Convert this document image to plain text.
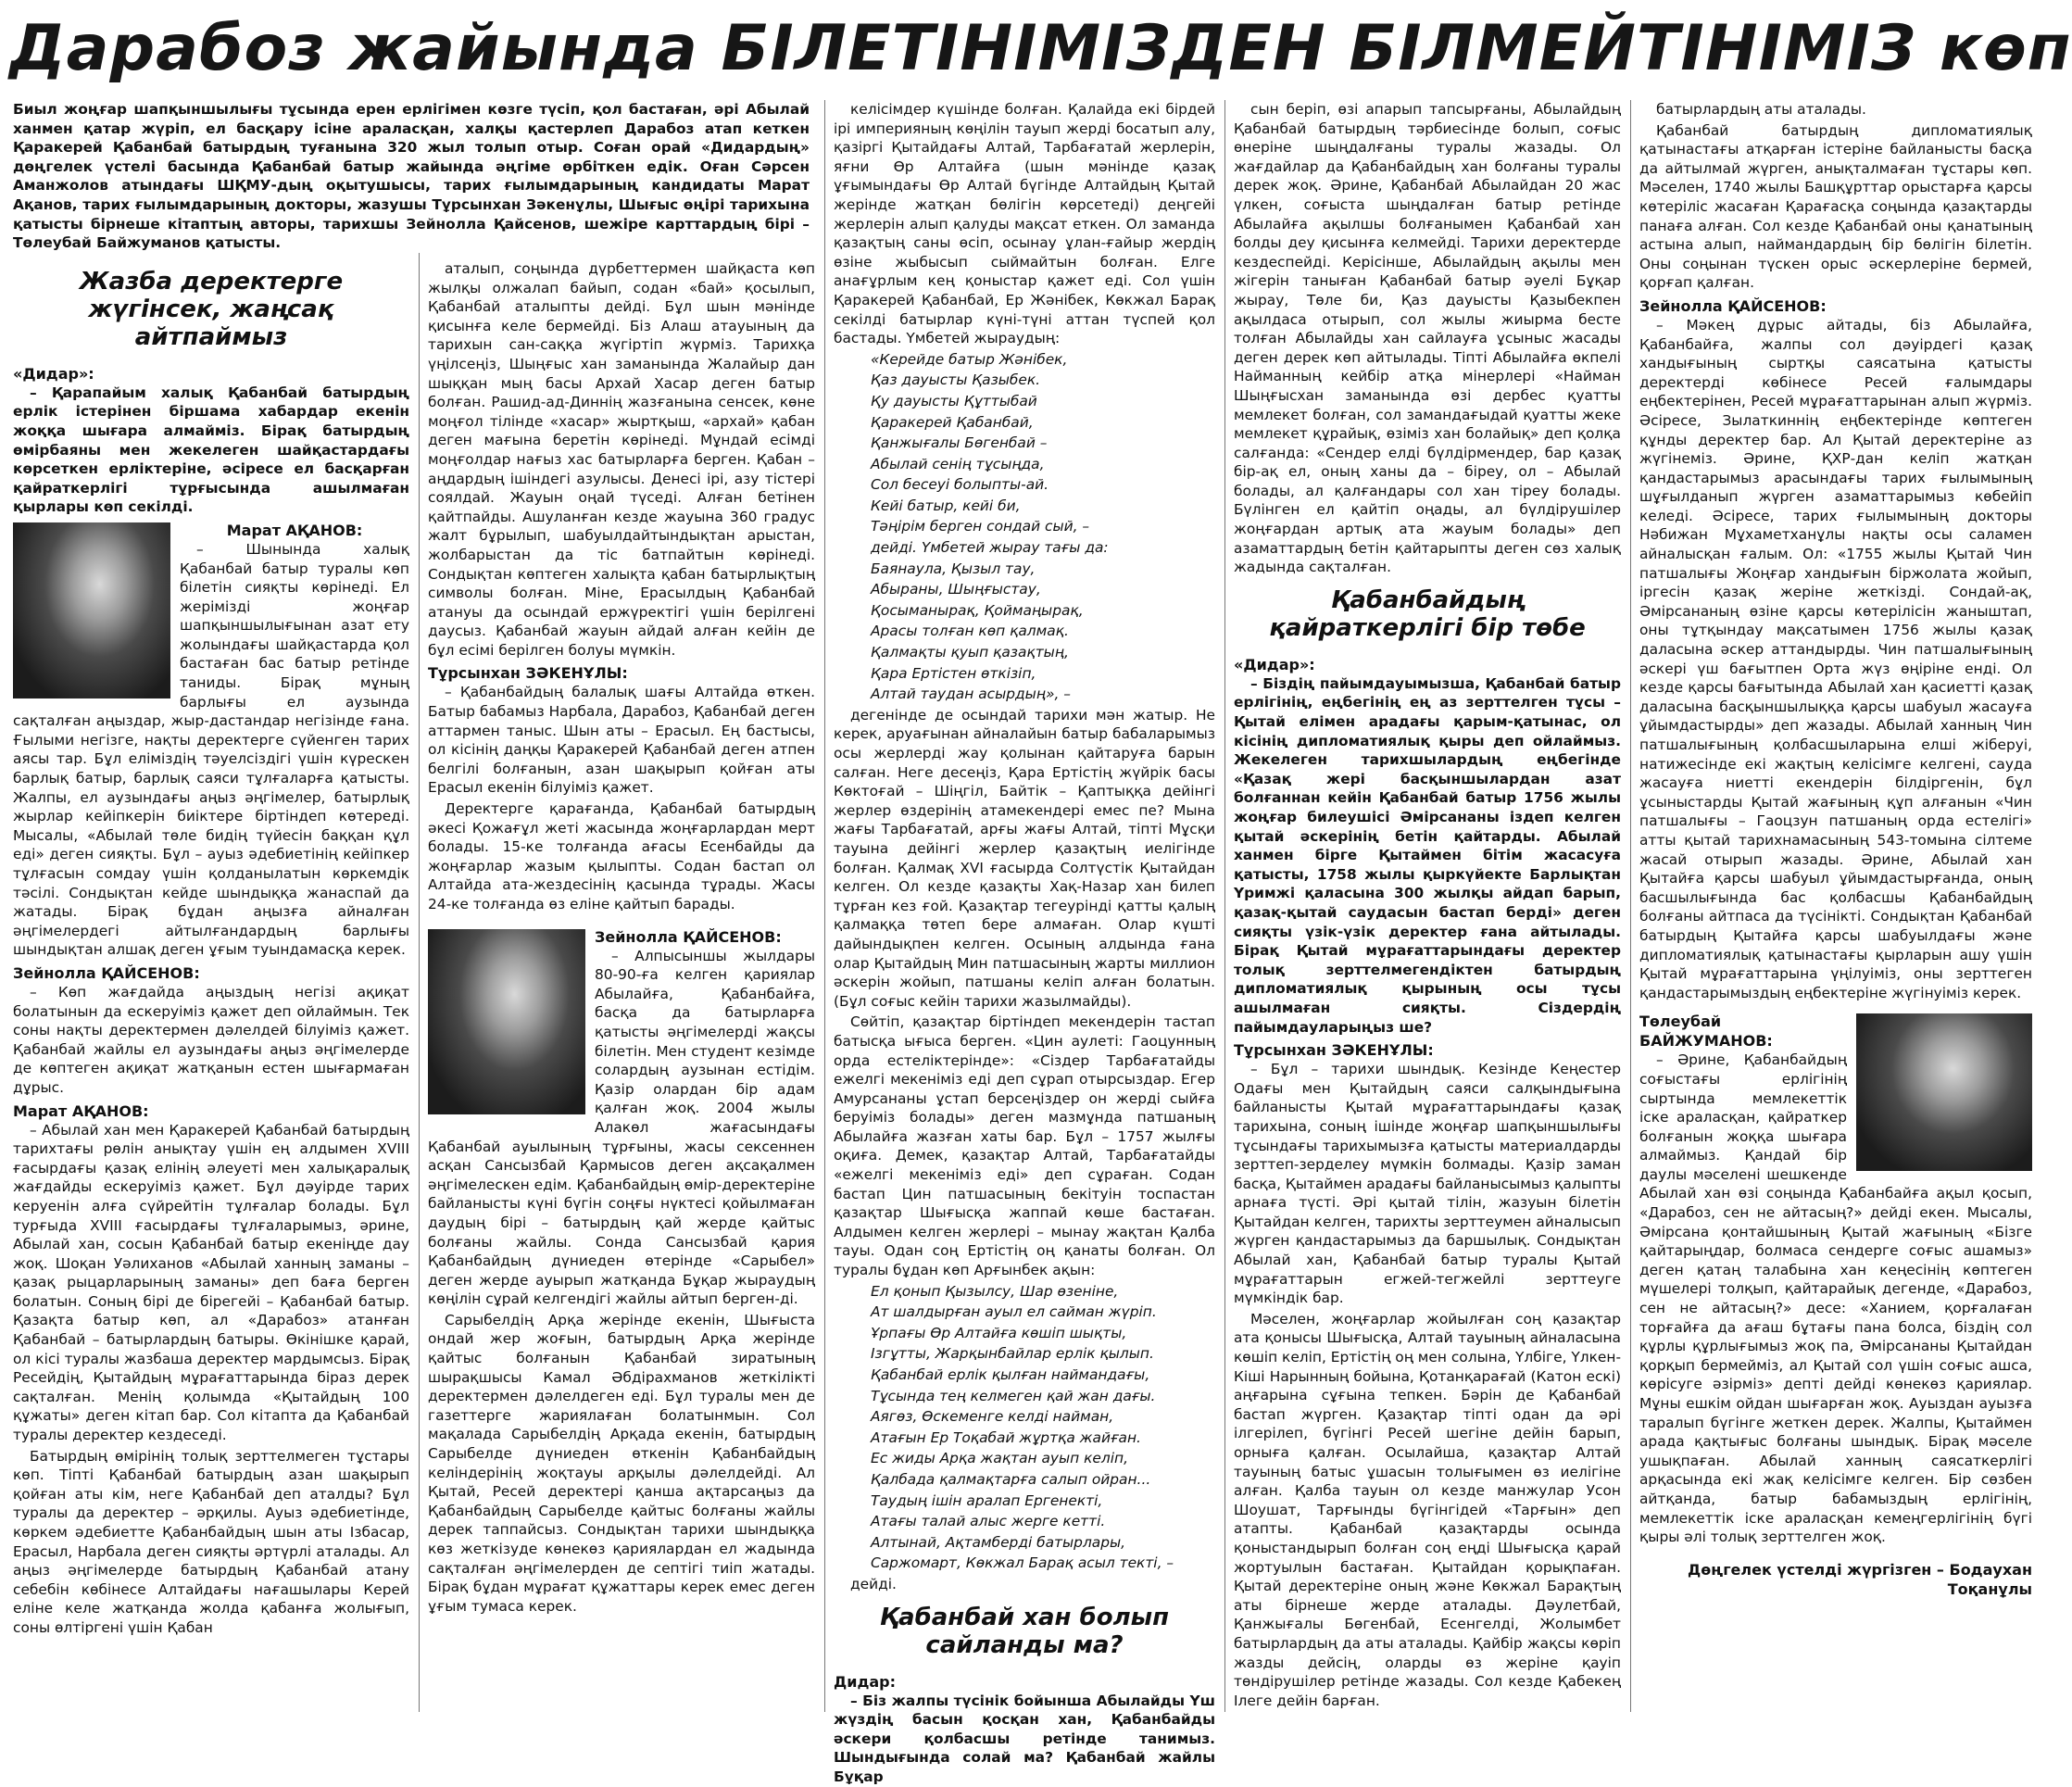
Дарабоз жайында БІЛЕТІНІМІЗДЕН БІЛМЕЙТІНІМІЗ көп
Биыл жоңғар шапқыншылығы тұсында ерен ерлігімен көзге түсіп, қол бастаған, әрі Абылай ханмен қатар жүріп, ел басқару ісіне араласқан, халқы қастерлеп Дарабоз атап кеткен Қаракерей Қабанбай батырдың туғанына 320 жыл толып отыр. Соған орай «Дидардың» дөңгелек үстелі басында Қабанбай батыр жайында әңгіме өрбіткен едік. Оған Сәрсен Аманжолов атындағы ШҚМУ-дың оқытушысы, тарих ғылымдарының кандидаты Марат Ақанов, тарих ғылымдарының докторы, жазушы Тұрсынхан Зәкенұлы, Шығыс өңірі тарихына қатысты бірнеше кітаптың авторы, тарихшы Зейнолла Қайсенов, шежіре карттардың бірі – Төлеубай Байжуманов қатысты.
Жазба деректерге жүгінсек, жаңсақ айтпаймыз
«Дидар»:

– Қарапайым халық Қабанбай батырдың ерлік істерінен біршама хабардар екенін жоққа шығара алмайміз. Бірақ батырдың өмірбаяны мен жекелеген шайқастардағы көрсеткен ерліктеріне, әсіресе ел басқарған қайраткерлігі тұрғысында ашылмаған қырлары көп секілді.

Марат АҚАНОВ:

– Шынында халық Қабанбай батыр туралы көп білетін сияқты көрінеді. Ел жерімізді жоңғар шапқыншылығынан азат ету жолындағы шайқастарда қол бастаған бас батыр ретінде таниды. Бірақ мұның барлығы ел аузында сақталған аңыздар, жыр-дастандар негізінде ғана. Ғылыми негізге, нақты деректерге сүйенген тарих аясы тар. Бұл еліміздің тәуелсіздігі үшін күрескен барлық батыр, барлық саяси тұлғаларға қатысты. Жалпы, ел аузындағы аңыз әңгімелер, батырлық жырлар кейіпкерін биіктере біртіндеп көтереді. Мысалы, «Абылай төле бидің түйесін баққан құл еді» деген сияқты. Бұл – ауыз әдебиетінің кейіпкер тұлғасын сомдау үшін қолданылатын көркемдік тәсілі. Сондықтан кейде шындыққа жанаспай да жатады. Бірақ бұдан аңызға айналған әңгімелердегі айтылғандардың барлығы шындықтан алшақ деген ұғым туындамасқа керек.

Зейнолла ҚАЙСЕНОВ:

– Көп жағдайда аңыздың негізі ақиқат болатынын да ескеруіміз қажет деп ойлаймын. Тек соны нақты деректермен дәлелдей білуіміз қажет. Қабанбай жайлы ел аузындағы аңыз әңгімелерде де көптеген ақиқат жатқанын естен шығармаған дұрыс.

Марат АҚАНОВ:

– Абылай хан мен Қаракерей Қабанбай батырдың тарихтағы рөлін анықтау үшін ең алдымен XVIII ғасырдағы қазақ елінің әлеуеті мен халықаралық жағдайды ескеруіміз қажет. Бұл дәуірде тарих керуенін алға сүйрейтін тұлғалар болады. Бұл турғыда XVIII ғасырдағы тұлғаларымыз, әрине, Абылай хан, сосын Қабанбай батыр екеніңде дау жоқ. Шоқан Уәлиханов «Абылай ханның заманы – қазақ рыцарларының заманы» деп баға берген болатын. Соның бірі де бірегейі – Қабанбай батыр. Қазақта батыр көп, ал «Дарабоз» атанған Қабанбай – батырлардың батыры. Өкінішке қарай, ол кісі туралы жазбаша деректер мардымсыз. Бірақ Ресейдің, Қытайдың мұрағаттарында біраз дерек сақталған. Менің қолымда «Қытайдың 100 құжаты» деген кітап бар. Сол кітапта да Қабанбай туралы деректер кездеседі.

Батырдың өмірінің толық зерттелмеген тұстары көп. Тіпті Қабанбай батырдың азан шақырып қойған аты кім, неге Қабанбай деп аталды? Бұл туралы да деректер – әрқилы. Ауыз әдебиетінде, көркем әдебиетте Қабанбайдың шын аты Ізбасар, Ерасыл, Нарбала деген сияқты әртүрлі аталады. Ал аңыз әңгімелерде батырдың Қабанбай атану себебін көбінесе Алтайдағы нағашылары Керей еліне келе жатқанда жолда қабанға жолығып, соны өлтіргені үшін Қабан

аталып, соңында дүрбеттермен шайқаста көп жылқы олжалап байып, содан «бай» қосылып, Қабанбай аталыпты дейді. Бұл шын мәнінде қисынға келе бермейді. Біз Алаш атауының да тарихын сан-саққа жүгіртіп жүрміз. Тарихқа үңілсеңіз, Шыңғыс хан заманында Жалайыр дан шыққан мың басы Архай Хасар деген батыр болған. Рашид-ад-Диннің жазғанына сенсек, көне моңғол тілінде «хасар» жыртқыш, «архай» қабан деген мағына беретін көрінеді. Мұндай есімді моңғолдар нағыз хас батырларға берген. Қабан – аңдардың ішіндегі азулысы. Денесі ірі, азу тістері соялдай. Жауын оңай түседі. Алған бетінен қайтпайды. Ашуланған кезде жауына 360 градус жалт бұрылып, шабуылдайтындықтан арыстан, жолбарыстан да тіс батпайтын көрінеді. Сондықтан көптеген халықта қабан батырлықтың символы болған. Міне, Ерасылдың Қабанбай атануы да осындай ержүректігі үшін берілгені даусыз. Қабанбай жауын айдай алған кейін де бұл есімі берілген болуы мүмкін.

Тұрсынхан ЗӘКЕНҰЛЫ:

– Қабанбайдың балалық шағы Алтайда өткен. Батыр бабамыз Нарбала, Дарабоз, Қабанбай деген аттармен таныс. Шын аты – Ерасыл. Ең бастысы, ол кісінің даңқы Қаракерей Қабанбай деген атпен белгілі болғанын, азан шақырып қойған аты Ерасыл екенін білуіміз қажет.

Деректерге қарағанда, Қабанбай батырдың әкесі Қожағұл жеті жасында жоңғарлардан мерт болады. 15-ке толғанда ағасы Есенбайды да жоңғарлар жазым қылыпты. Содан бастап ол Алтайда ата-жездесінің қасында тұрады. Жасы 24-ке толғанда өз еліне қайтып барады.

Зейнолла ҚАЙСЕНОВ:

– Алпысыншы жылдары 80-90-ға келген қариялар Абылайға, Қабанбайға, басқа да батырларға қатысты әңгімелерді жақсы білетін. Мен студент кезімде солардың аузынан естідім. Қазір олардан бір адам қалған жоқ. 2004 жылы Алакөл жағасындағы Қабанбай ауылының тұрғыны, жасы сексеннен асқан Сансызбай Қармысов деген ақсақалмен әңгімелескен едім. Қабанбайдың өмір-деректеріне байланысты күні бүгін соңғы нүктесі қойылмаған даудың бірі – батырдың қай жерде қайтыс болғаны жайлы. Сонда Сансызбай қария Қабанбайдың дүниеден өтерінде «Сарыбел» деген жерде ауырып жатқанда Бұқар жыраудың көңілін сұрай келгендігі жайлы айтып берген-ді.

Сарыбелдің Арқа жерінде екенін, Шығыста ондай жер жоғын, батырдың Арқа жерінде қайтыс болғанын Қабанбай зиратының шырақшысы Камал Әбдірахманов жеткілікті деректермен дәлелдеген еді. Бұл туралы мен де газеттерге жариялаған болатынмын. Сол мақалада Сарыбелдің Арқада екенін, батырдың Сарыбелде дүниеден өткенін Қабанбайдың келіндерінің жоқтауы арқылы дәлелдейді. Ал Қытай, Ресей деректері қанша ақтарсаңыз да Қабанбайдың Сарыбелде қайтыс болғаны жайлы дерек таппайсыз. Сондықтан тарихи шындыққа көз жеткізуде көнекөз қариялардан ел жадында сақталған әңгімелерден де септігі тиіп жатады. Бірақ бұдан мұрағат құжаттары керек емес деген ұғым тумаса керек.

келісімдер күшінде болған. Қалайда екі бірдей ірі империяның көңілін тауып жерді босатып алу, қазіргі Қытайдағы Алтай, Тарбағатай жерлерін, яғни Өр Алтайға (шын мәнінде қазақ ұғымындағы Өр Алтай бүгінде Алтайдың Қытай жерінде жатқан бөлігін көрсетеді) деңгейі жерлерін алып қалуды мақсат еткен. Ол заманда қазақтың саны өсіп, осынау ұлан-ғайыр жердің өзіне жыбысып сыймайтын болған. Елге анағұрлым кең қоныстар қажет еді. Сол үшін Қаракерей Қабанбай, Ер Жәнібек, Көкжал Барақ секілді батырлар күні-түні аттан түспей қол бастады. Үмбетей жыраудың:

«Керейде батыр Жәнібек,

Қаз дауысты Қазыбек.

Қу дауысты Құттыбай

Қаракерей Қабанбай,

Қанжығалы Бөгенбай –

Абылай сенің тұсыңда,

Сол бесеуі болыпты-ай.

Кейі батыр, кейі би,

Тәңірім берген сондай сый, –

дейді. Үмбетей жырау тағы да:

Баянаула, Қызыл тау,

Абыраны, Шыңғыстау,

Қосыманырақ, Қоймаңырақ,

Арасы толған көп қалмақ.

Қалмақты қуып қазақтың,

Қара Ертістен өткізіп,

Алтай таудан асырдың», –

дегенінде де осындай тарихи мән жатыр. Не керек, аруағынан айналайын батыр бабаларымыз осы жерлерді жау қолынан қайтаруға барын салған. Неге десеңіз, Қара Ертістің жүйрік басы Көктоғай – Шіңгіл, Байтік – Қаптыққа дейінгі жерлер өздерінің атамекендері емес пе? Мына жағы Тарбағатай, арғы жағы Алтай, тіпті Мұсқи тауына дейінгі жерлер қазақтың иелігінде болған. Қалмақ XVI ғасырда Солтүстік Қытайдан келген. Ол кезде қазақты Хақ-Назар хан билеп тұрған кез ғой. Қазақтар тегеурінді қатты қалың қалмаққа төтеп бере алмаған. Олар күшті дайындықпен келген. Осының алдында ғана олар Қытайдың Мин патшасының жарты миллион әскерін жойып, патшаны келіп алған болатын. (Бұл соғыс кейін тарихи жазылмайды).

Сөйтіп, қазақтар біртіндеп мекендерін тастап батысқа ығыса берген. «Цин аулеті: Гаоцунның орда естеліктерінде»: «Сіздер Тарбағатайды ежелгі мекеніміз еді деп сұрап отырсыздар. Егер Амурсананы ұстап берсеңіздер он жерді сыйға беруіміз болады» деген мазмұнда патшаның Абылайға жазған хаты бар. Бұл – 1757 жылғы оқиға. Демек, қазақтар Алтай, Тарбағатайды «ежелгі мекеніміз еді» деп сұраған. Содан бастап Цин патшасының бекітуін тоспастан қазақтар Шығысқа жаппай көше бастаған. Алдымен келген жерлері – мынау жақтан Қалба тауы. Одан соң Ертістің оң қанаты болған. Ол туралы бұдан көп Арғынбек ақын:

Ел қонып Қызылсу, Шар өзеніне,

Ат шалдырған ауыл ел сайман жүріп.

Ұрпағы Өр Алтайға көшіп шықты,

Ізгұтты, Жарқынбайлар ерлік қылып.

Қабанбай ерлік қылған наймандағы,

Тұсында тең келмеген қай жан дағы.

Аягөз, Өскеменге келді найман,

Атағын Ер Тоқабай жұртқа жайған.

Ес жиды Арқа жақтан ауып келіп,

Қалбада қалмақтарға салып ойран...

Таудың ішін аралап Ергенекті,

Атағы талай алыс жерге кетті.

Алтынай, Ақтамберді батырлары,

Саржомарт, Көкжал Барақ асыл текті, –

дейді.

Қабанбай хан болып сайланды ма?
Дидар:

– Біз жалпы түсінік бойынша Абылайды Үш жүздің басын қосқан хан, Қабанбайды әскери қолбасшы ретінде танимыз. Шындығында солай ма? Қабанбай жайлы Бұқар

сын беріп, өзі апарып тапсырғаны, Абылайдың Қабанбай батырдың тәрбиесінде болып, соғыс өнеріне шыңдалғаны туралы жазады. Ол жағдайлар да Қабанбайдың хан болғаны туралы дерек жоқ. Әрине, Қабанбай Абылайдан 20 жас үлкен, соғыста шыңдалған батыр ретінде Абылайға ақылшы болғанымен Қабанбай хан болды деу қисынға келмейді. Тарихи деректерде кездеспейді. Керісінше, Абылайдың ақылы мен жігерін таныған Қабанбай батыр әуелі Бұқар жырау, Төле би, Қаз дауысты Қазыбекпен ақылдаса отырып, сол жылы жиырма бесте толған Абылайды хан сайлауға ұсыныс жасады деген дерек көп айтылады. Тіпті Абылайға өкпелі Найманның кейбір атқа мінерлері «Найман Шыңғысхан заманында өзі дербес қуатты мемлекет болған, сол замандағыдай қуатты жеке мемлекет құрайық, өзіміз хан болайық» деп қолқа салғанда: «Сендер елді бүлдірмендер, бар қазақ бір-ақ ел, оның ханы да – біреу, ол – Абылай болады, ал қалғандары сол хан тіреу болады. Бүлінген ел қайтіп оңады, ал бүлдірушілер жоңғардан артық ата жауым болады» деп азаматтардың бетін қайтарыпты деген сөз халық жадында сақталған.

Қабанбайдың қайраткерлігі бір төбе
«Дидар»:

– Біздің пайымдауымызша, Қабанбай батыр ерлігінің, еңбегінің ең аз зерттелген тұсы – Қытай елімен арадағы қарым-қатынас, ол кісінің дипломатиялық қыры деп ойлаймыз. Жекелеген тарихшылардың еңбегінде «Қазақ жері басқыншылардан азат болғаннан кейін Қабанбай батыр 1756 жылы жоңғар билеушісі Әмірсананы іздеп келген қытай әскерінің бетін қайтарды. Абылай ханмен бірге Қытаймен бітім жасасуға қатысты, 1758 жылы қыркүйекте Барлықтан Үримжі қаласына 300 жылқы айдап барып, қазақ-қытай саудасын бастап берді» деген сияқты үзік-үзік деректер ғана айтылады. Бірақ Қытай мұрағаттарындағы деректер толық зерттелмегендіктен батырдың дипломатиялық қырының осы тұсы ашылмаған сияқты. Сіздердің пайымдауларыңыз ше?

Тұрсынхан ЗӘКЕНҰЛЫ:

– Бұл – тарихи шындық. Кезінде Кеңестер Одағы мен Қытайдың саяси салқындығына байланысты Қытай мұрағаттарындағы қазақ тарихына, соның ішінде жоңғар шапқыншылығы тұсындағы тарихымызға қатысты материалдарды зерттеп-зерделеу мүмкін болмады. Қазір заман басқа, Қытаймен арадағы байланысымыз қалыпты арнаға түсті. Әрі қытай тілін, жазуын білетін Қытайдан келген, тарихты зерттеумен айналысып жүрген қандастарымыз да баршылық. Сондықтан Абылай хан, Қабанбай батыр туралы Қытай мұрағаттарын егжей-тегжейлі зерттеуге мүмкіндік бар.

Мәселен, жоңғарлар жойылған соң қазақтар ата қонысы Шығысқа, Алтай тауының айналасына көшіп келіп, Ертістің оң мен солына, Үлбіге, Үлкен-Кіші Нарынның бойына, Қотанқарағай (Катон ескі) аңғарына сұғына тепкен. Бәрін де Қабанбай бастап жүрген. Қазақтар тіпті одан да әрі ілгерілеп, бүгінгі Ресей шегіне дейін барып, орныға қалған. Осылайша, қазақтар Алтай тауының батыс ұшасын толығымен өз иелігіне алған. Қалба тауын ол кезде манжулар Усон Шоушат, Тарғынды бүгінгідей «Тарғын» деп атапты. Қабанбай қазақтарды осында қоныстандырып болған соң еңді Шығысқа қарай жортуылын бастаған. Қытайдан қорықпаған. Қытай деректеріне оның және Көкжал Барақтың аты бірнеше жерде аталады. Дәулетбай, Қанжығалы Бөгенбай, Есенгелді, Жолымбет батырлардың да аты аталады. Қайбір жақсы көріп жазды дейсің, оларды өз жеріне қауіп төндірушілер ретінде жазады. Сол кезде Қабекең Ілеге дейін барған.

батырлардың аты аталады.

Қабанбай батырдың дипломатиялық қатынастағы атқарған істеріне байланысты басқа да айтылмай жүрген, анықталмаған тұстары көп. Мәселен, 1740 жылы Башқұрттар орыстарға қарсы көтеріліс жасаған Қарағасқа соңында қазақтарды панаға алған. Сол кезде Қабанбай оны қанатының астына алып, наймандардың бір бөлігін білетін. Оны соңынан түскен орыс әскерлеріне бермей, қорғап қалған.

Зейнолла ҚАЙСЕНОВ:

– Мәкең дұрыс айтады, біз Абылайға, Қабанбайға, жалпы сол дәуірдегі қазақ хандығының сыртқы саясатына қатысты деректерді көбінесе Ресей ғалымдары еңбектерінен, Ресей мұрағаттарынан алып жүрміз. Әсіресе, Зылаткиннің еңбектерінде көптеген құнды деректер бар. Ал Қытай деректеріне аз жүгінеміз. Әрине, ҚХР-дан келіп жатқан қандастарымыз арасындағы тарих ғылымының шұғылданып жүрген азаматтарымыз көбейіп келеді. Әсіресе, тарих ғылымының докторы Нәбижан Мұхаметханұлы нақты осы саламен айналысқан ғалым. Ол: «1755 жылы Қытай Чин патшалығы Жоңғар хандығын біржолата жойып, іргесін қазақ жеріне жеткізді. Сондай-ақ, Әмірсананың өзіне қарсы көтерілісін жаныштап, оны тұтқындау мақсатымен 1756 жылы қазақ даласына әскер аттандырды. Чин патшалығының әскері үш бағытпен Орта жүз өңіріне енді. Ол кезде қарсы бағытында Абылай хан қасиетті қазақ даласына басқыншылыққа қарсы шабуыл жасауға ұйымдастырды» деп жазады. Абылай ханның Чин патшалығының қолбасшыларына елші жіберуі, натижесінде екі жақтың келісімге келгені, сауда жасауға ниетті екендерін білдіргенін, бұл ұсыныстарды Қытай жағының құп алғанын «Чин патшалығы – Гаоцзун патшаның орда естелігі» атты қытай тарихнамасының 543-томына сілтеме жасай отырып жазады. Әрине, Абылай хан Қытайға қарсы шабуыл ұйымдастырғанда, оның басшылығында бас қолбасшы Қабанбайдың болғаны айтпаса да түсінікті. Сондықтан Қабанбай батырдың Қытайға қарсы шабуылдағы және дипломатиялық қатынастағы қырларын ашу үшін Қытай мұрағаттарына үңілуіміз, оны зерттеген қандастарымыздың еңбектеріне жүгінуіміз керек.

Төлеубай БАЙЖУМАНОВ:

– Әрине, Қабанбайдың соғыстағы ерлігінің сыртында мемлекеттік іске араласқан, қайраткер болғанын жоққа шығара алмаймыз. Қандай бір даулы мәселені шешкенде Абылай хан өзі соңында Қабанбайға ақыл қосып, «Дарабоз, сен не айтасың?» дейді екен. Мысалы, Әмірсана қонтайшының Қытай жағының «Бізге қайтарыңдар, болмаса сендерге соғыс ашамыз» деген қатаң талабына хан кеңесінің көптеген мүшелері толқып, қайтарайық дегенде, «Дарабоз, сен не айтасың?» десе: «Ханием, қорғалаған торғайға да ағаш бұтағы пана болса, біздің сол құрлы құрлығымыз жоқ па, Әмірсананы Қытайдан қорқып бермейміз, ал Қытай сол үшін соғыс ашса, көрісуге әзірміз» депті дейді көнекөз қариялар. Мұны ешкім ойдан шығарған жоқ. Ауыздан ауызға таралып бүгінге жеткен дерек. Жалпы, Қытаймен арада қақтығыс болғаны шындық. Бірақ мәселе ушықпаған. Абылай ханның саясаткерлігі арқасында екі жақ келісімге келген. Бір сөзбен айтқанда, батыр бабамыздың ерлігінің, мемлекеттік іске араласқан кемеңгерлігінің бүгі қыры әлі толық зерттелген жоқ.

Дөңгелек үстелді жүргізген – Бодаухан Тоқанұлы
